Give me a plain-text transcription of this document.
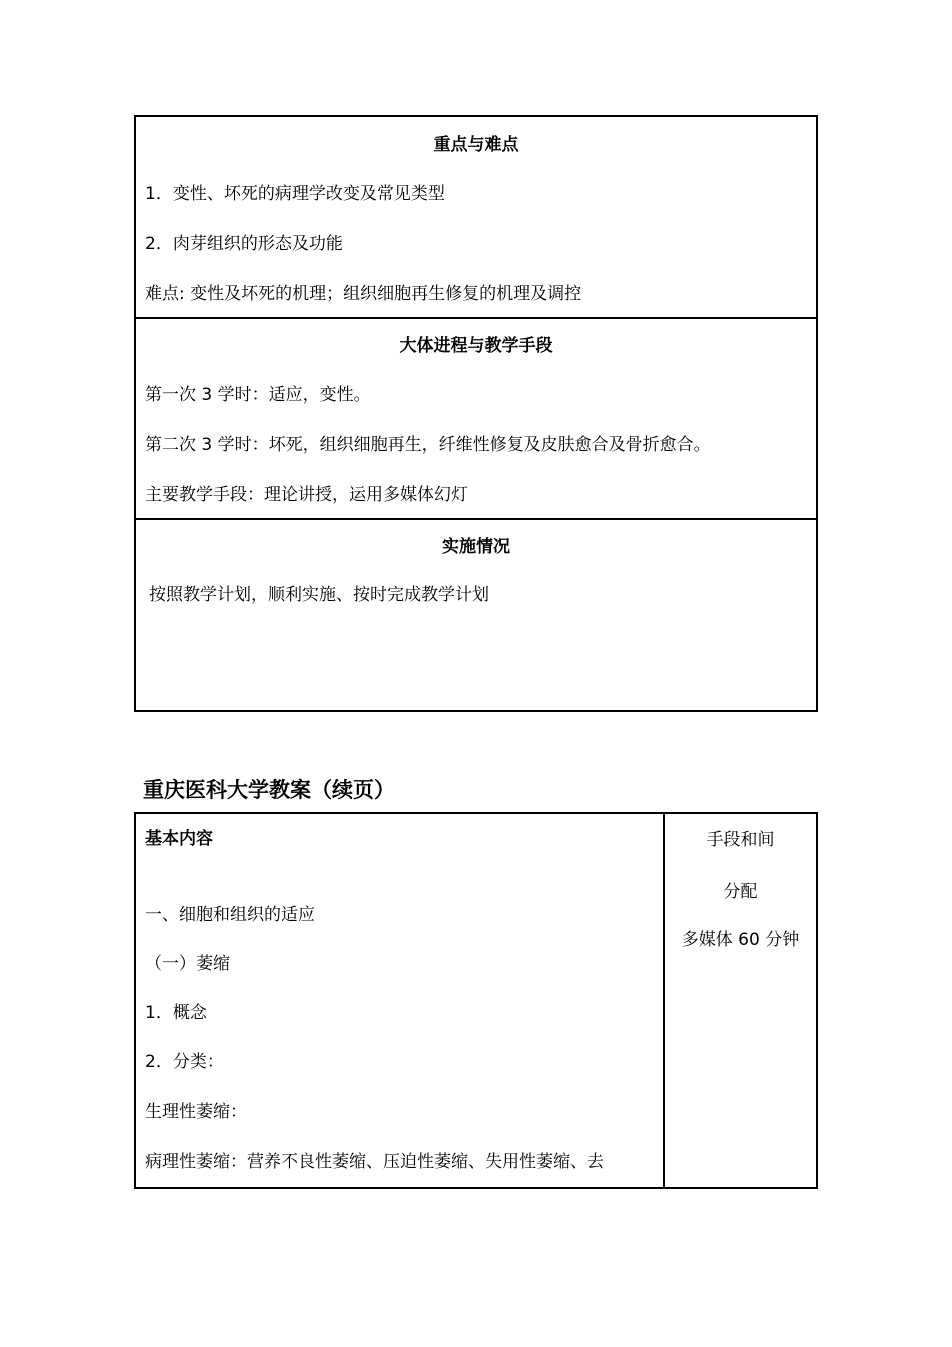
重点与难点
1．变性、坏死的病理学改变及常见类型
2．肉芽组织的形态及功能
难点: 变性及坏死的机理；组织细胞再生修复的机理及调控
大体进程与教学手段
第一次 3 学时：适应，变性。
第二次 3 学时：坏死，组织细胞再生，纤维性修复及皮肤愈合及骨折愈合。
主要教学手段：理论讲授，运用多媒体幻灯
实施情况
按照教学计划，顺利实施、按时完成教学计划
重庆医科大学教案（续页）
基本内容
一、细胞和组织的适应
（一）萎缩
1．概念
2．分类：
生理性萎缩：
病理性萎缩：营养不良性萎缩、压迫性萎缩、失用性萎缩、去
手段和间
分配
多媒体 60 分钟
